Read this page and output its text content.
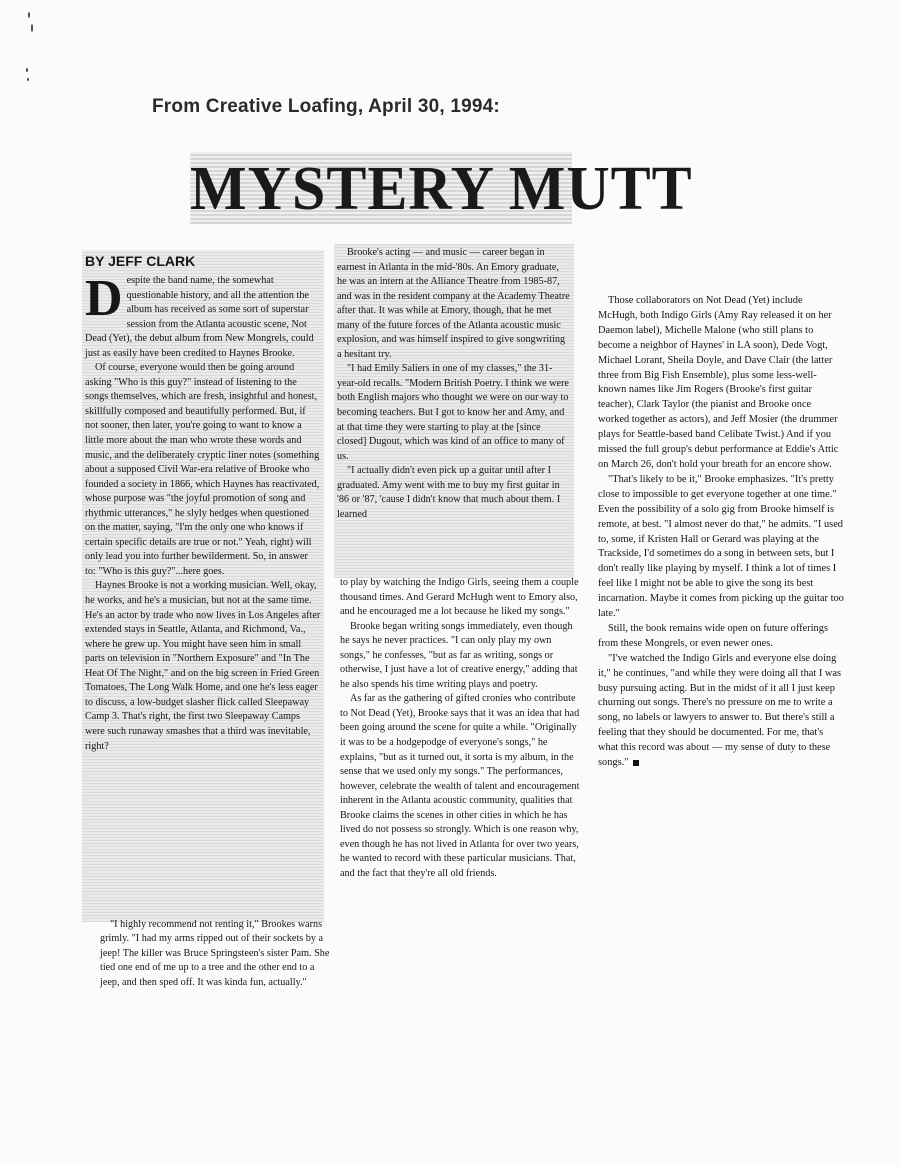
From Creative Loafing, April 30, 1994:
MYSTERY MUTT
BY JEFF CLARK

Despite the band name, the somewhat questionable history, and all the attention the album has received as some sort of superstar session from the Atlanta acoustic scene, Not Dead (Yet), the debut album from New Mongrels, could just as easily have been credited to Haynes Brooke.

Of course, everyone would then be going around asking "Who is this guy?" instead of listening to the songs themselves, which are fresh, insightful and honest, skillfully composed and beautifully performed. But, if not sooner, then later, you're going to want to know a little more about the man who wrote these words and music, and the deliberately cryptic liner notes (something about a supposed Civil War-era relative of Brooke who founded a society in 1866, which Haynes has reactivated, whose purpose was "the joyful promotion of song and rhythmic utterances," he slyly hedges when questioned on the matter, saying, "I'm the only one who knows if certain specific details are true or not." Yeah, right) will only lead you into further bewilderment. So, in answer to: "Who is this guy?"...here goes.

Haynes Brooke is not a working musician. Well, okay, he works, and he's a musician, but not at the same time. He's an actor by trade who now lives in Los Angeles after extended stays in Seattle, Atlanta, and Richmond, Va., where he grew up. You might have seen him in small parts on television in "Northern Exposure" and "In The Heat Of The Night," and on the big screen in Fried Green Tomatoes, The Long Walk Home, and one he's less eager to discuss, a low-budget slasher flick called Sleepaway Camp 3. That's right, the first two Sleepaway Camps were such runaway smashes that a third was inevitable, right?

"I highly recommend not renting it," Brookes warns grimly. "I had my arms ripped out of their sockets by a jeep! The killer was Bruce Springsteen's sister Pam. She tied one end of me up to a tree and the other end to a jeep, and then sped off. It was kinda fun, actually."

Brooke's acting — and music — career began in earnest in Atlanta in the mid-'80s. An Emory graduate, he was an intern at the Alliance Theatre from 1985-87, and was in the resident company at the Academy Theatre after that. It was while at Emory, though, that he met many of the future forces of the Atlanta acoustic music explosion, and was himself inspired to give songwriting a hesitant try.

"I had Emily Saliers in one of my classes," the 31-year-old recalls. "Modern British Poetry. I think we were both English majors who thought we were on our way to becoming teachers. But I got to know her and Amy, and at that time they were starting to play at the [since closed] Dugout, which was kind of an office to many of us.

"I actually didn't even pick up a guitar until after I graduated. Amy went with me to buy my first guitar in '86 or '87, 'cause I didn't know that much about them. I learned

to play by watching the Indigo Girls, seeing them a couple thousand times. And Gerard McHugh went to Emory also, and he encouraged me a lot because he liked my songs."

Brooke began writing songs immediately, even though he says he never practices. "I can only play my own songs," he confesses, "but as far as writing, songs or otherwise, I just have a lot of creative energy," adding that he also spends his time writing plays and poetry.

As far as the gathering of gifted cronies who contribute to Not Dead (Yet), Brooke says that it was an idea that had been going around the scene for quite a while. "Originally it was to be a hodgepodge of everyone's songs," he explains, "but as it turned out, it sorta is my album, in the sense that we used only my songs." The performances, however, celebrate the wealth of talent and encouragement inherent in the Atlanta acoustic community, qualities that Brooke claims the scenes in other cities in which he has lived do not possess so strongly. Which is one reason why, even though he has not lived in Atlanta for over two years, he wanted to record with these particular musicians. That, and the fact that they're all old friends.

Those collaborators on Not Dead (Yet) include McHugh, both Indigo Girls (Amy Ray released it on her Daemon label), Michelle Malone (who still plans to become a neighbor of Haynes' in LA soon), Dede Vogt, Michael Lorant, Sheila Doyle, and Dave Clair (the latter three from Big Fish Ensemble), plus some less-well-known names like Jim Rogers (Brooke's first guitar teacher), Clark Taylor (the pianist and Brooke once worked together as actors), and Jeff Mosier (the drummer plays for Seattle-based band Celibate Twist.) And if you missed the full group's debut performance at Eddie's Attic on March 26, don't hold your breath for an encore show.

"That's likely to be it," Brooke emphasizes. "It's pretty close to impossible to get everyone together at one time." Even the possibility of a solo gig from Brooke himself is remote, at best. "I almost never do that," he admits. "I used to, some, if Kristen Hall or Gerard was playing at the Trackside, I'd sometimes do a song in between sets, but I don't really like playing by myself. I think a lot of times I feel like I might not be able to give the song its best incarnation. Maybe it comes from picking up the guitar too late."

Still, the book remains wide open on future offerings from these Mongrels, or even newer ones.

"I've watched the Indigo Girls and everyone else doing it," he continues, "and while they were doing all that I was busy pursuing acting. But in the midst of it all I just keep churning out songs. There's no pressure on me to write a song, no labels or lawyers to answer to. But there's still a feeling that they should be documented. For me, that's what this record was about — my sense of duty to these songs."
